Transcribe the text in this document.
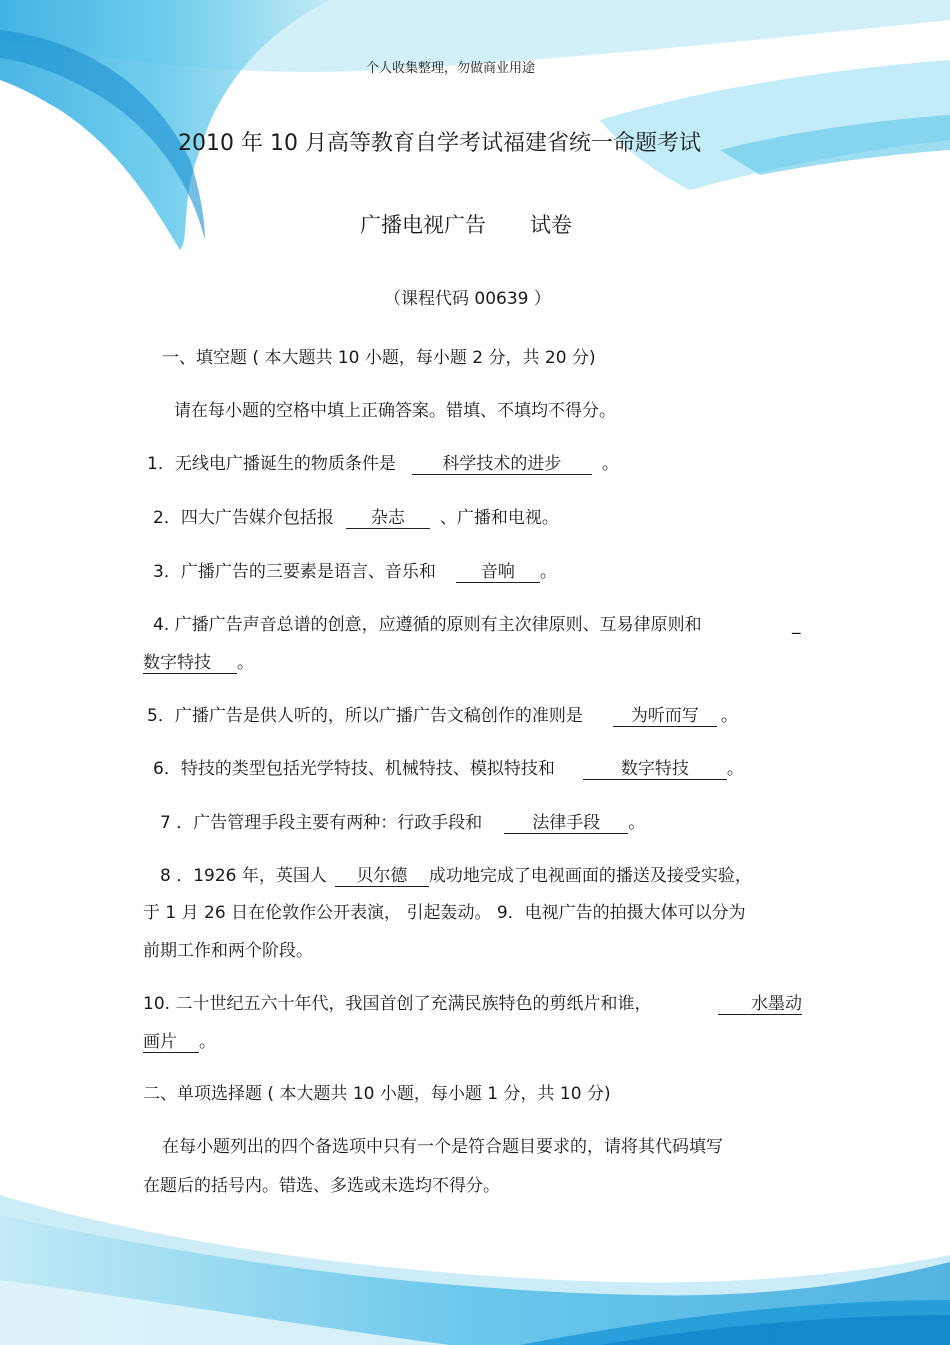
个人收集整理，勿做商业用途
2010 年 10 月高等教育自学考试福建省统一命题考试
广播电视广告 试卷
（课程代码 00639 ）
一、填空题 ( 本大题共 10 小题，每小题 2 分，共 20 分)
请在每小题的空格中填上正确答案。错填、不填均不得分。
1．无线电广播诞生的物质条件是	科学技术的进步 。
2．四大广告媒介包括报 杂志 、广播和电视。
3．广播广告的三要素是语言、音乐和	音响 。
4. 广播广告声音总谱的创意，应遵循的原则有主次律原则、互易律原则和	_
数字特技 。
5．广播广告是供人听的，所以广播广告文稿创作的准则是	为听而写 。
6．特技的类型包括光学特技、机械特技、模拟特技和	数字特技 。
7 ．广告管理手段主要有两种：行政手段和	法律手段 。
8 ．1926 年，英国人 贝尔德 成功地完成了电视画面的播送及接受实验，
于 1 月 26 日在伦敦作公开表演， 引起轰动。 9．电视广告的拍摄大体可以分为
前期工作和两个阶段。
10. 二十世纪五六十年代，我国首创了充满民族特色的剪纸片和谁，	水墨动
画片 。
二、单项选择题 ( 本大题共 10 小题，每小题 1 分，共 10 分)
在每小题列出的四个备选项中只有一个是符合题目要求的，请将其代码填写
在题后的括号内。错选、多选或未选均不得分。
